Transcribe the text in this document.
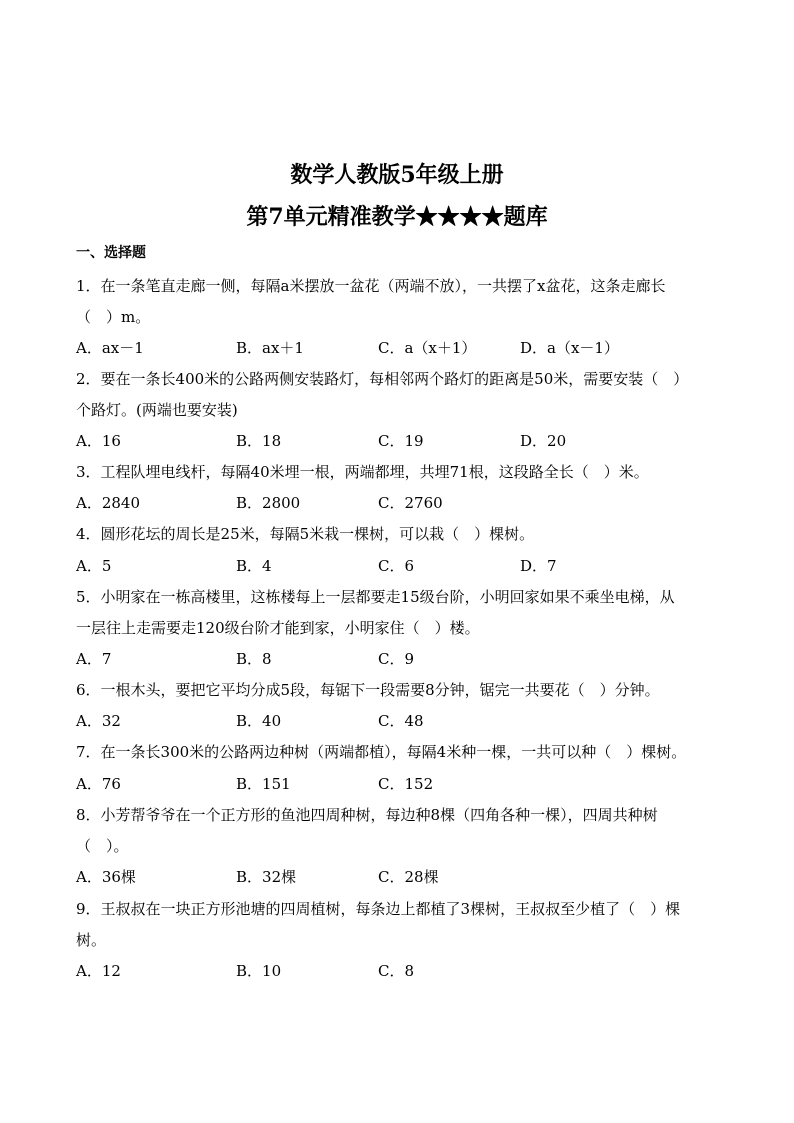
数学人教版5年级上册
第7单元精准教学★★★★题库
一、选择题
1．在一条笔直走廊一侧，每隔a米摆放一盆花（两端不放），一共摆了x盆花，这条走廊长
（　）m。
A．ax－1	B．ax＋1	C．a（x＋1）	D．a（x－1）
2．要在一条长400米的公路两侧安装路灯，每相邻两个路灯的距离是50米，需要安装（　）
个路灯。(两端也要安装)
A．16	B．18	C．19	D．20
3．工程队埋电线杆，每隔40米埋一根，两端都埋，共埋71根，这段路全长（　）米。
A．2840	B．2800	C．2760
4．圆形花坛的周长是25米，每隔5米栽一棵树，可以栽（　）棵树。
A．5	B．4	C．6	D．7
5．小明家在一栋高楼里，这栋楼每上一层都要走15级台阶，小明回家如果不乘坐电梯，从
一层往上走需要走120级台阶才能到家，小明家住（　）楼。
A．7	B．8	C．9
6．一根木头，要把它平均分成5段，每锯下一段需要8分钟，锯完一共要花（　）分钟。
A．32	B．40	C．48
7．在一条长300米的公路两边种树（两端都植），每隔4米种一棵，一共可以种（　）棵树。
A．76	B．151	C．152
8．小芳帮爷爷在一个正方形的鱼池四周种树，每边种8棵（四角各种一棵），四周共种树
（　）。
A．36棵	B．32棵	C．28棵
9．王叔叔在一块正方形池塘的四周植树，每条边上都植了3棵树，王叔叔至少植了（　）棵
树。
A．12	B．10	C．8
